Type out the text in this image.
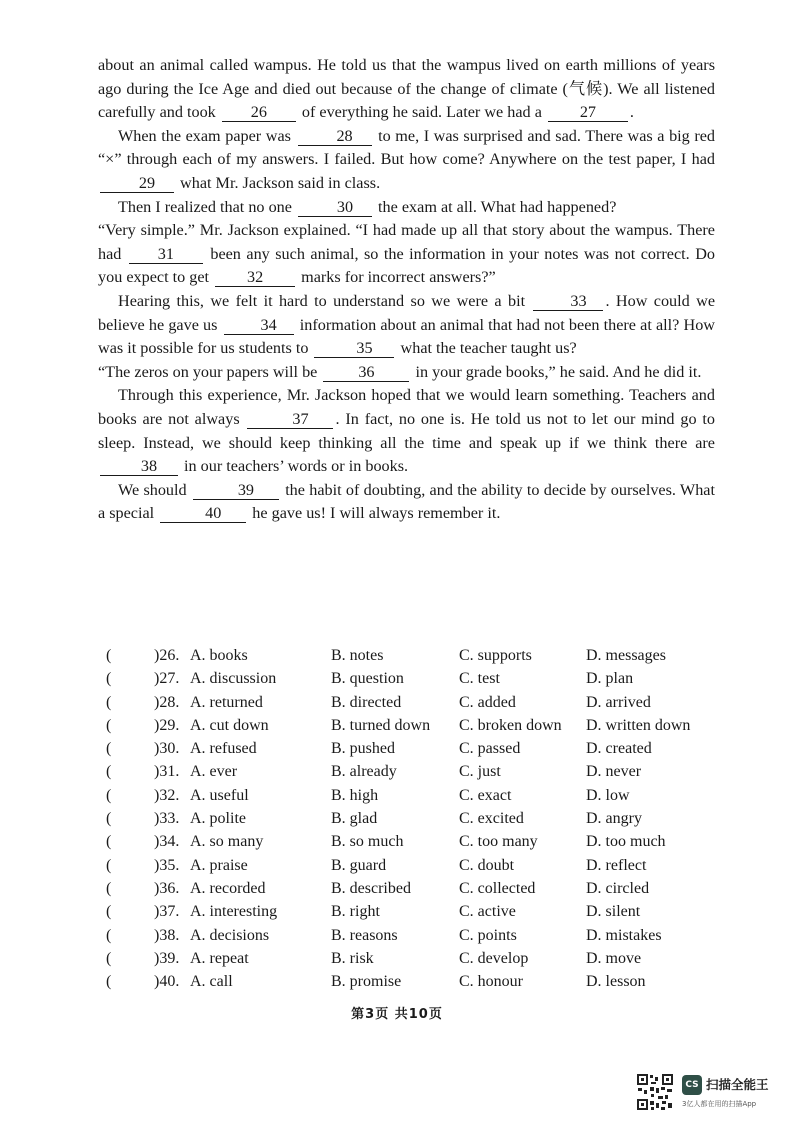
about an animal called wampus. He told us that the wampus lived on earth millions of years ago during the Ice Age and died out because of the change of climate (气候). We all listened carefully and took 26 of everything he said. Later we had a 27 .

When the exam paper was	28 to me, I was surprised and sad. There was a big red “×” through each of my answers. I failed. But how come? Anywhere on the test paper, I had 29 what Mr. Jackson said in class.

Then I realized that no one	30 the exam at all. What had happened?

“Very simple.” Mr. Jackson explained. “I had made up all that story about the wampus. There had 31 been any such animal, so the information in your notes was not correct. Do you expect to get 32 marks for incorrect answers?”

Hearing this, we felt it hard to understand so we were a bit 33 . How could we believe he gave us 34 information about an animal that had not been there at all? How was it possible for us students to	35 what the teacher taught us?

“The zeros on your papers will be 36 in your grade books,” he said. And he did it.

Through this experience, Mr. Jackson hoped that we would learn something. Teachers and books are not always	37 . In fact, no one is. He told us not to let our mind go to sleep. Instead, we should keep thinking all the time and speak up if we think there are 38 in our teachers’ words or in books.

We should	39 the habit of doubting, and the ability to decide by ourselves. What a special	40 he gave us! I will always remember it.

(	)26. A. books	B. notes	C. supports	D. messages
(	)27. A. discussion	B. question	C. test	D. plan
(	)28. A. returned	B. directed	C. added	D. arrived
(	)29. A. cut down	B. turned down C. broken down D. written down
(	)30. A. refused	B. pushed	C. passed	D. created
(	)31. A. ever	B. already	C. just	D. never
(	)32. A. useful	B. high	C. exact	D. low
(	)33. A. polite	B. glad	C. excited	D. angry
(	)34. A. so many	B. so much	C. too many	D. too much
(	)35. A. praise	B. guard	C. doubt	D. reflect
(	)36. A. recorded	B. described	C. collected	D. circled
(	)37. A. interesting	B. right	C. active	D. silent
(	)38. A. decisions	B. reasons	C. points	D. mistakes
(	)39. A. repeat	B. risk	C. develop	D. move
(	)40. A. call	B. promise	C. honour	D. lesson
第3页 共10页
CS 扫描全能王
3亿人都在用的扫描App
